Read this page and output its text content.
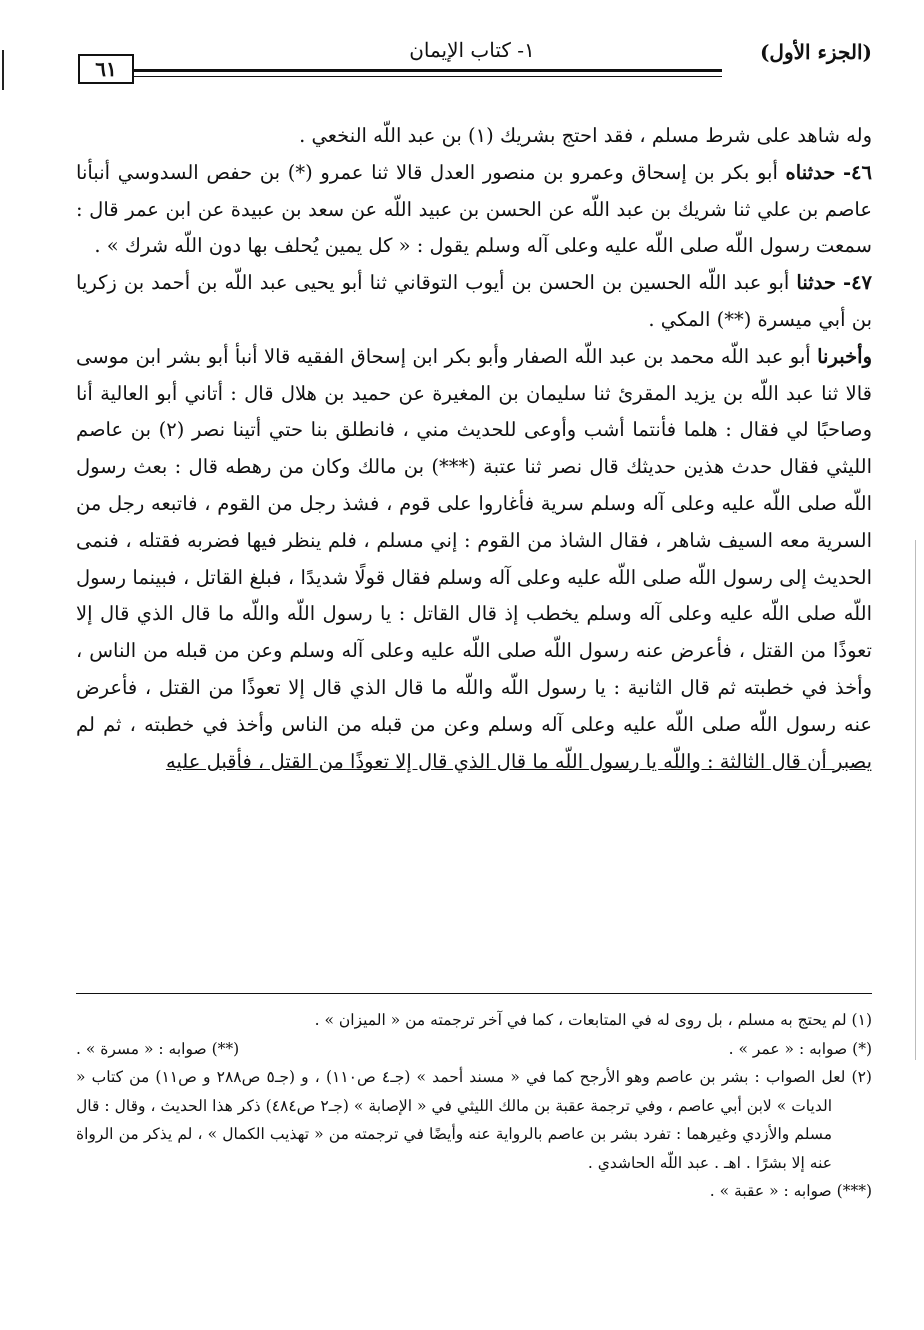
(الجزء الأول)
١- كتاب الإيمان
٦١

وله شاهد على شرط مسلم ، فقد احتج بشريك (١) بن عبد اللّه النخعي .

٤٦- حدثناه أبو بكر بن إسحاق وعمرو بن منصور العدل قالا ثنا عمرو (*) بن حفص السدوسي أنبأنا عاصم بن علي ثنا شريك بن عبد اللّه عن الحسن بن عبيد اللّه عن سعد بن عبيدة عن ابن عمر قال : سمعت رسول اللّه صلى اللّه عليه وعلى آله وسلم يقول : « كل يمين يُحلف بها دون اللّه شرك » .

٤٧- حدثنا أبو عبد اللّه الحسين بن الحسن بن أيوب التوقاني ثنا أبو يحيى عبد اللّه بن أحمد بن زكريا بن أبي ميسرة (**) المكي .

وأخبرنا أبو عبد اللّه محمد بن عبد اللّه الصفار وأبو بكر ابن إسحاق الفقيه قالا أنبأ أبو بشر ابن موسى قالا ثنا عبد اللّه بن يزيد المقرئ ثنا سليمان بن المغيرة عن حميد بن هلال قال : أتاني أبو العالية أنا وصاحبًا لي فقال : هلما فأنتما أشب وأوعى للحديث مني ، فانطلق بنا حتي أتينا نصر (٢) بن عاصم الليثي فقال حدث هذين حديثك قال نصر ثنا عتبة (***) بن مالك وكان من رهطه قال : بعث رسول اللّه صلى اللّه عليه وعلى آله وسلم سرية فأغاروا على قوم ، فشذ رجل من القوم ، فاتبعه رجل من السرية معه السيف شاهر ، فقال الشاذ من القوم : إني مسلم ، فلم ينظر فيها فضربه فقتله ، فنمى الحديث إلى رسول اللّه صلى اللّه عليه وعلى آله وسلم فقال قولًا شديدًا ، فبلغ القاتل ، فبينما رسول اللّه صلى اللّه عليه وعلى آله وسلم يخطب إذ قال القاتل : يا رسول اللّه واللّه ما قال الذي قال إلا تعوذًا من القتل ، فأعرض عنه رسول اللّه صلى اللّه عليه وعلى آله وسلم وعن من قبله من الناس ، وأخذ في خطبته ثم قال الثانية : يا رسول اللّه واللّه ما قال الذي قال إلا تعوذًا من القتل ، فأعرض عنه رسول اللّه صلى اللّه عليه وعلى آله وسلم وعن من قبله من الناس وأخذ في خطبته ، ثم لم يصبر أن قال الثالثة : واللّه يا رسول اللّه ما قال الذي قال إلا تعوذًا من القتل ، فأقبل عليه

(١) لم يحتج به مسلم ، بل روى له في المتابعات ، كما في آخر ترجمته من « الميزان » .

(*) صوابه : « عمر » .
(**) صوابه : « مسرة » .

(٢) لعل الصواب : بشر بن عاصم وهو الأرجح كما في « مسند أحمد » (جـ٤ ص١١٠) ، و (جـ٥ ص٢٨٨ و ص١١) من كتاب « الديات » لابن أبي عاصم ، وفي ترجمة عقبة بن مالك الليثي في « الإصابة » (جـ٢ ص٤٨٤) ذكر هذا الحديث ، وقال : قال مسلم والأزدي وغيرهما : تفرد بشر بن عاصم بالرواية عنه وأيضًا في ترجمته من « تهذيب الكمال » ، لم يذكر من الرواة عنه إلا بشرًا . اهـ . عبد اللّه الحاشدي .

(***) صوابه : « عقبة » .
